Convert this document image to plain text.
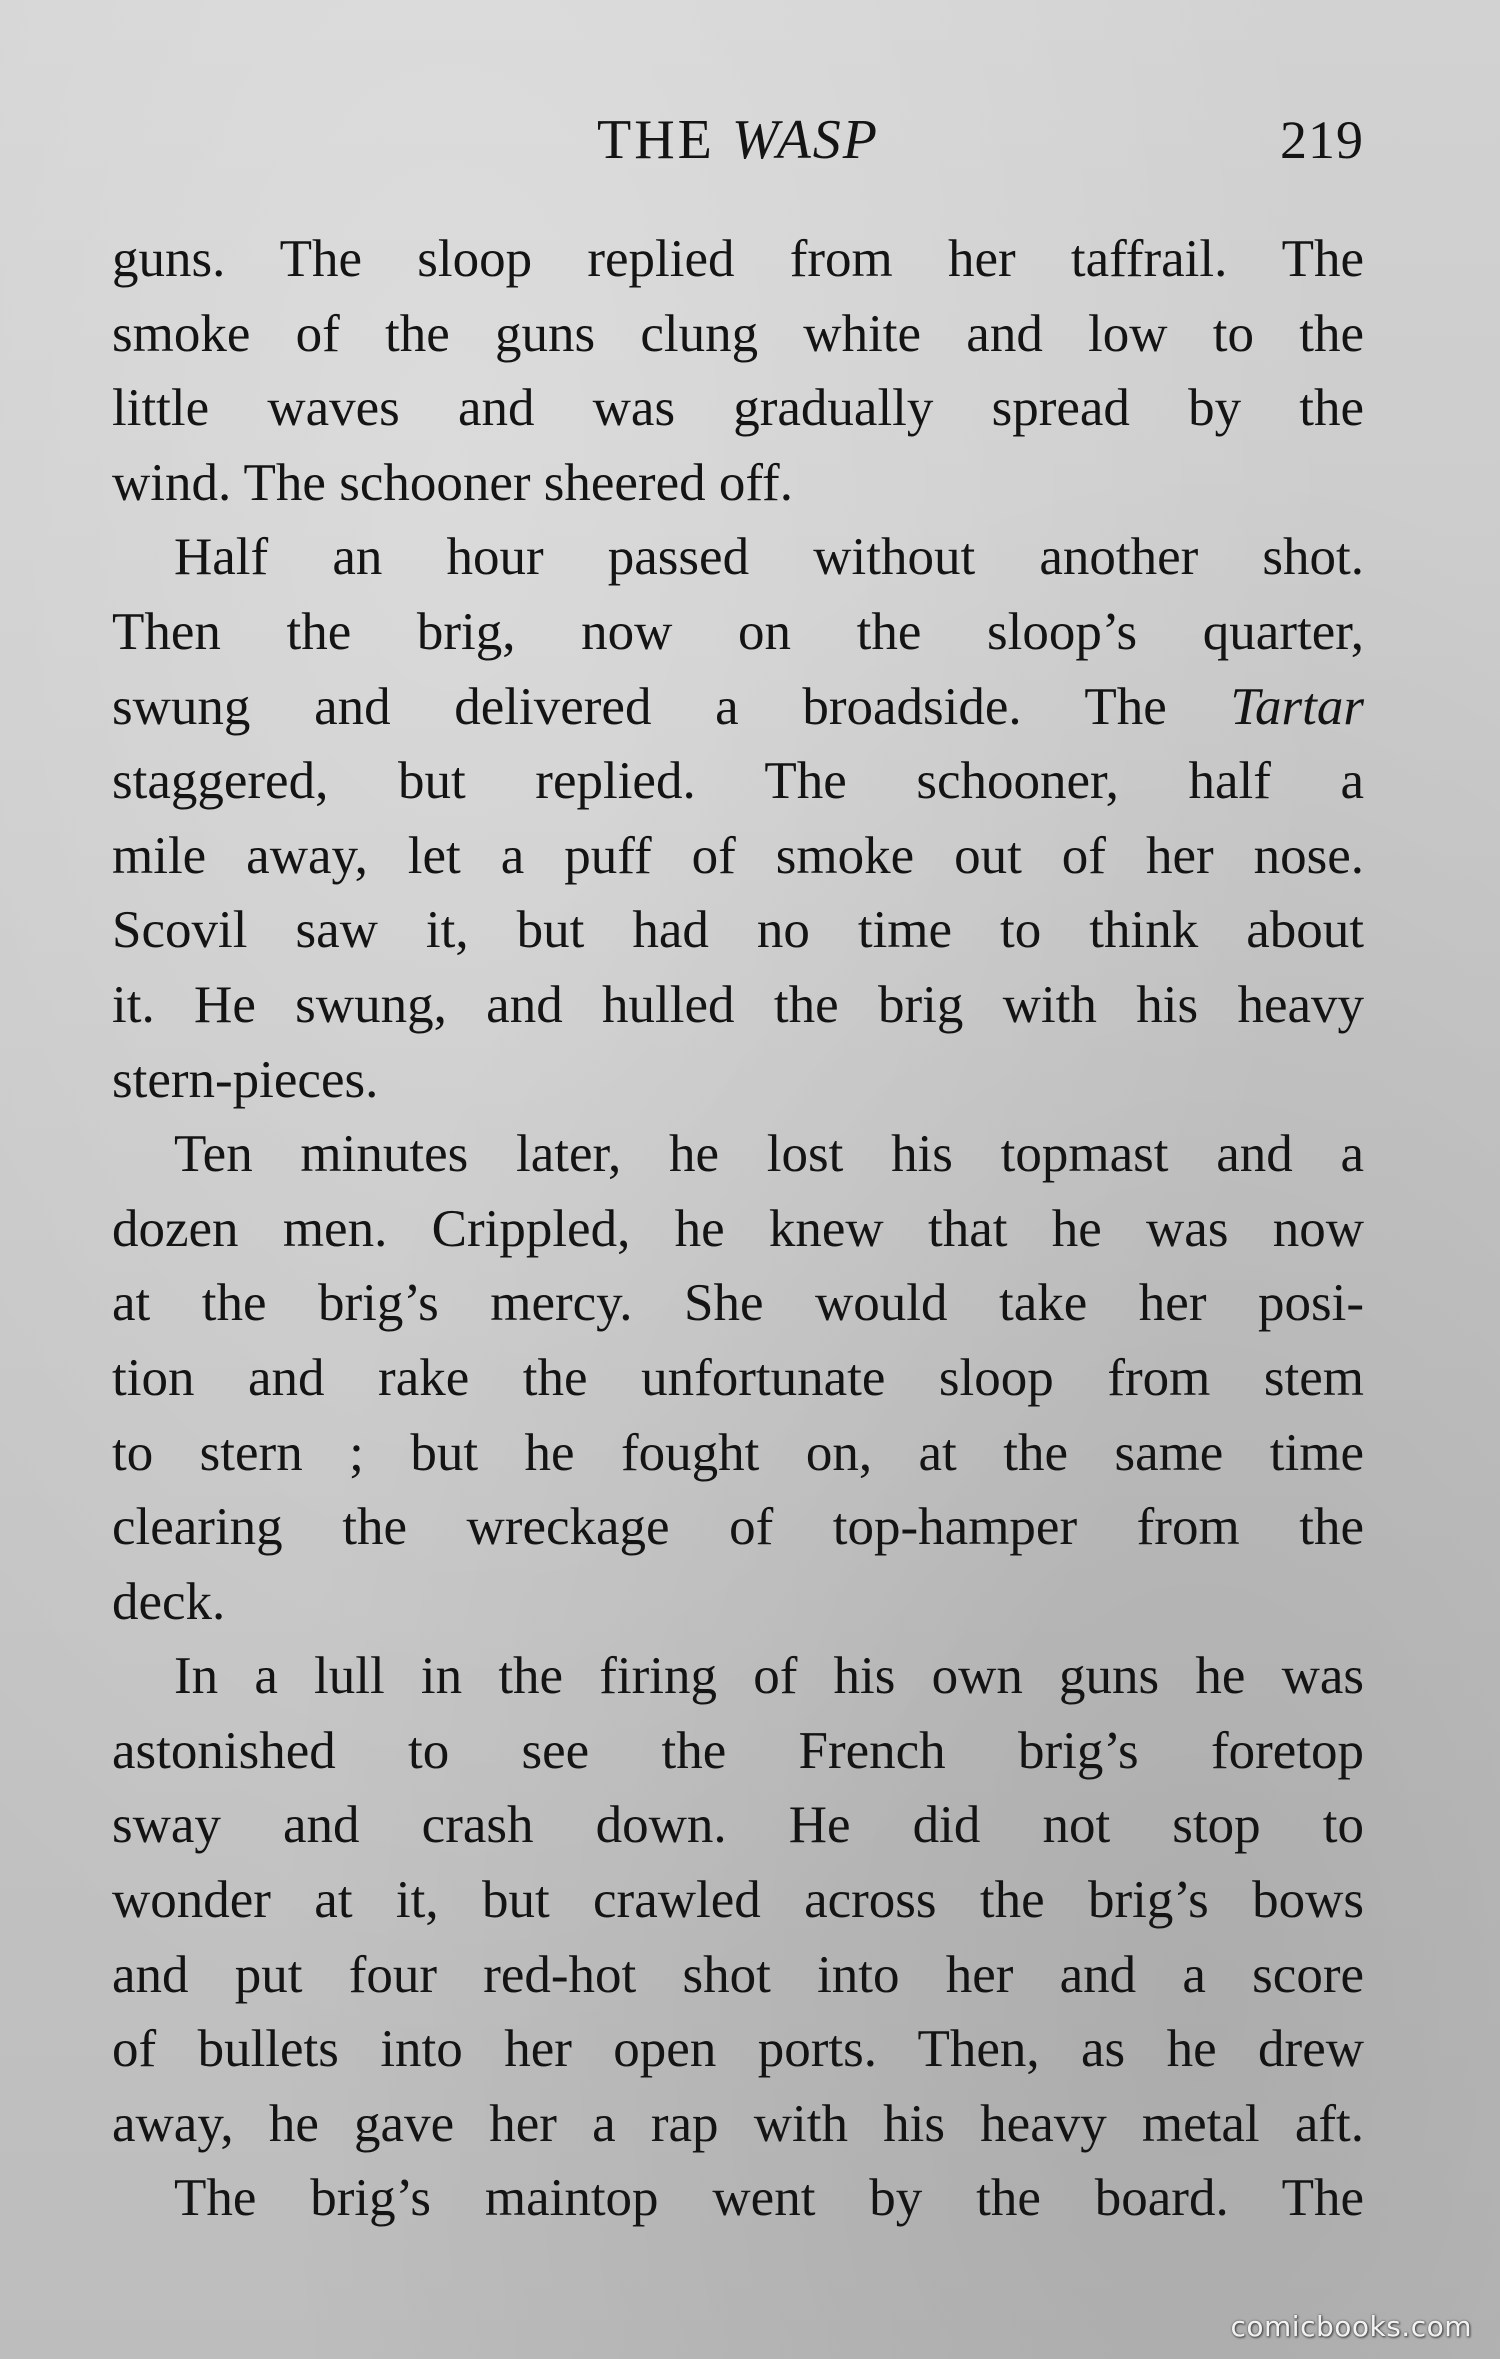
THE WASP	219
guns. The sloop replied from her taffrail. The
smoke of the guns clung white and low to the
little waves and was gradually spread by the
wind. The schooner sheered off.
Half an hour passed without another shot.
Then the brig, now on the sloop’s quarter,
swung and delivered a broadside. The Tartar
staggered, but replied. The schooner, half a
mile away, let a puff of smoke out of her nose.
Scovil saw it, but had no time to think about
it. He swung, and hulled the brig with his heavy
stern-pieces.
Ten minutes later, he lost his topmast and a
dozen men. Crippled, he knew that he was now
at the brig’s mercy. She would take her posi-
tion and rake the unfortunate sloop from stem
to stern ; but he fought on, at the same time
clearing the wreckage of top-hamper from the
deck.
In a lull in the firing of his own guns he was
astonished to see the French brig’s foretop
sway and crash down. He did not stop to
wonder at it, but crawled across the brig’s bows
and put four red-hot shot into her and a score
of bullets into her open ports. Then, as he drew
away, he gave her a rap with his heavy metal aft.
The brig’s maintop went by the board. The
comicbooks.com
